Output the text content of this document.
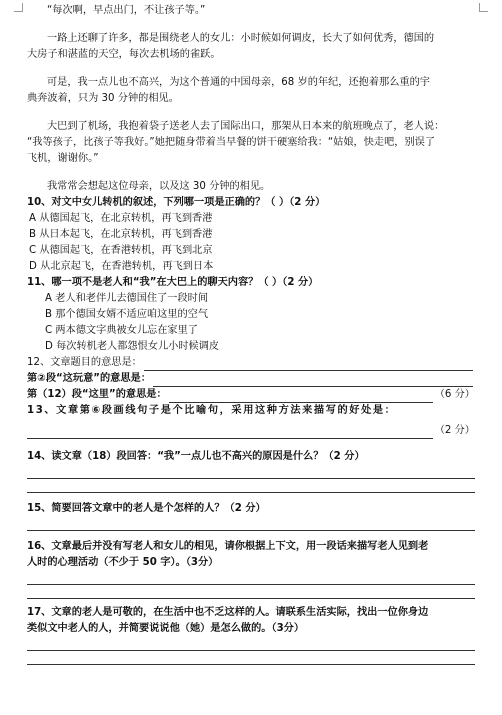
“每次啊，早点出门，不让孩子等。”
一路上还聊了许多，都是围绕老人的女儿：小时候如何调皮，长大了如何优秀，德国的
大房子和湛蓝的天空，每次去机场的雀跃。
可是，我一点儿也不高兴，为这个普通的中国母亲，68 岁的年纪，还抱着那么重的宇
典奔波着，只为 30 分钟的相见。
大巴到了机场，我抱着袋子送老人去了国际出口，那架从日本来的航班晚点了，老人说：
“我等孩子，比孩子等我好。”她把随身带着当早餐的饼干硬塞给我：“姑娘，快走吧，别误了
飞机，谢谢你。”
我常常会想起这位母亲，以及这 30 分钟的相见。
10、对文中女儿转机的叙述，下列哪一项是正确的？（ ）（2 分）
A 从德国起飞，在北京转机，再飞到香港
B 从日本起飞，在北京转机，再飞到香港
C 从德国起飞，在香港转机，再飞到北京
D 从北京起飞，在香港转机，再飞到日本
11、哪一项不是老人和“我”在大巴上的聊天内容？（ ）（2 分）
A 老人和老伴儿去德国住了一段时间
B 那个德国女婿不适应咱这里的空气
C 两本德文字典被女儿忘在家里了
D 每次转机老人都怨恨女儿小时候调皮
12、文章题目的意思是：
第②段“这玩意”的意思是：
第（12）段“这里”的意思是：	（6 分）
13、文章第⑥段画线句子是个比喻句，采用这种方法来描写的好处是：
（2 分）
14、读文章（18）段回答：“我”一点儿也不高兴的原因是什么？（2 分）
15、简要回答文章中的老人是个怎样的人？（2 分）
16、文章最后并没有写老人和女儿的相见，请你根据上下文，用一段话来描写老人见到老
人时的心理活动（不少于 50 字）。（3分）
17、文章的老人是可敬的，在生活中也不乏这样的人。请联系生活实际，找出一位你身边
类似文中老人的人，并简要说说他（她）是怎么做的。（3分）
